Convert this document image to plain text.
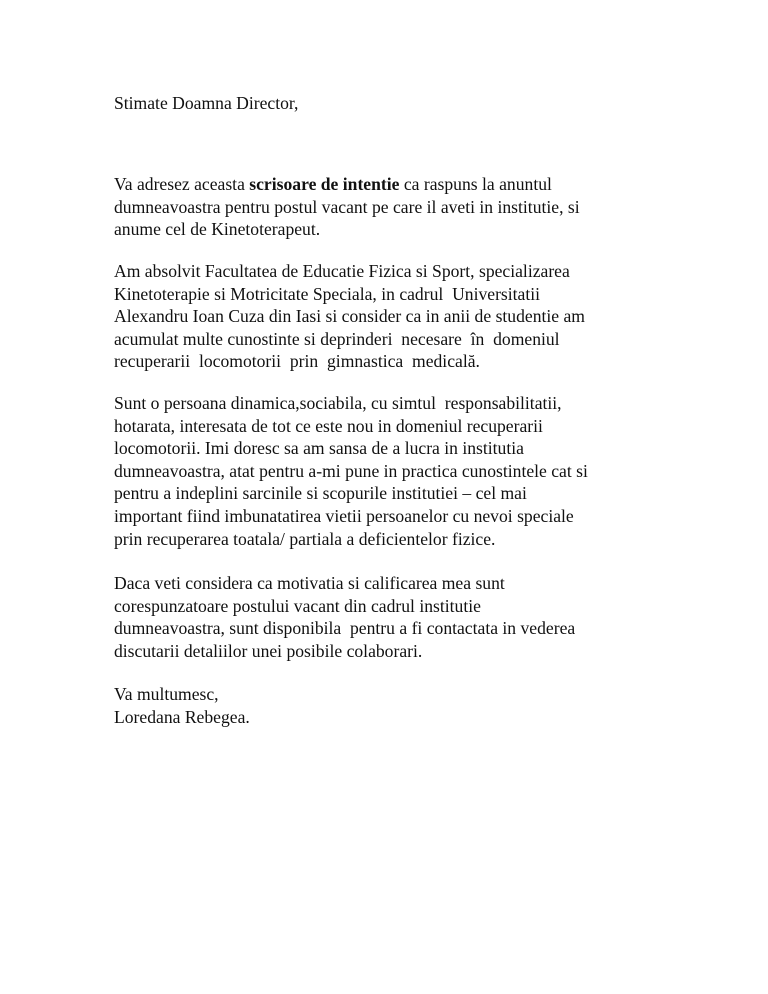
Stimate Doamna Director,
Va adresez aceasta scrisoare de intentie ca raspuns la anuntul
dumneavoastra pentru postul vacant pe care il aveti in institutie, si
anume cel de Kinetoterapeut.
Am absolvit Facultatea de Educatie Fizica si Sport, specializarea
Kinetoterapie si Motricitate Speciala, in cadrul  Universitatii
Alexandru Ioan Cuza din Iasi si consider ca in anii de studentie am
acumulat multe cunostinte si deprinderi  necesare  în  domeniul
recuperarii  locomotorii  prin  gimnastica  medicală.
Sunt o persoana dinamica,sociabila, cu simtul  responsabilitatii,
hotarata, interesata de tot ce este nou in domeniul recuperarii
locomotorii. Imi doresc sa am sansa de a lucra in institutia
dumneavoastra, atat pentru a-mi pune in practica cunostintele cat si
pentru a indeplini sarcinile si scopurile institutiei – cel mai
important fiind imbunatatirea vietii persoanelor cu nevoi speciale
prin recuperarea toatala/ partiala a deficientelor fizice.
Daca veti considera ca motivatia si calificarea mea sunt
corespunzatoare postului vacant din cadrul institutie
dumneavoastra, sunt disponibila  pentru a fi contactata in vederea
discutarii detaliilor unei posibile colaborari.
Va multumesc,
Loredana Rebegea.
